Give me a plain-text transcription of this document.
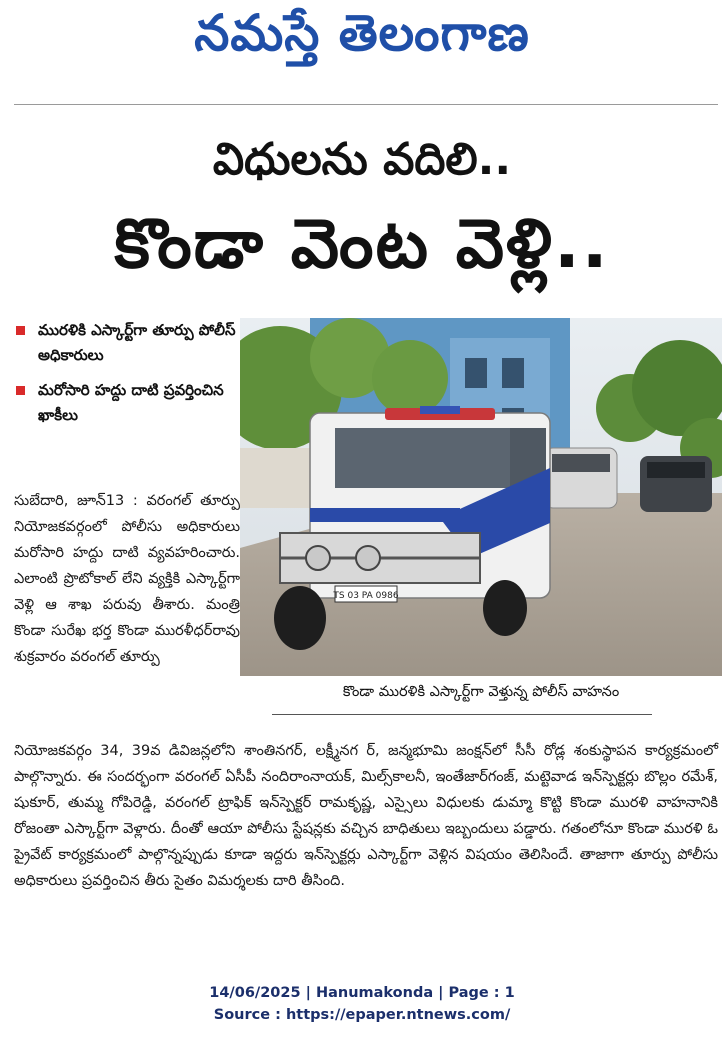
నమస్తే తెలంగాణ
విధులను వదిలి..
కొండా వెంట వెళ్లి..
మురళికి ఎస్కార్ట్‌గా తూర్పు పోలీస్ అధికారులు
మరోసారి హద్దు దాటి ప్రవర్తించిన ఖాకీలు
సుబేదారి, జూన్13 : వరంగల్ తూర్పు నియోజకవర్గంలో పోలీసు అధికారులు మరోసారి హద్దు దాటి వ్యవహరించారు. ఎలాంటి ప్రొటోకాల్ లేని వ్యక్తికి ఎస్కార్ట్‌గా వెళ్లి ఆ శాఖ పరువు తీశారు. మంత్రి కొండా సురేఖ భర్త కొండా మురళీధర్‌రావు శుక్రవారం వరంగల్ తూర్పు
TS 03 PA 0986
కొండా మురళికి ఎస్కార్ట్‌గా వెళ్తున్న పోలీస్ వాహనం
నియోజకవర్గం 34, 39వ డివిజన్లలోని శాంతినగర్, లక్ష్మీనగ ర్, జన్మభూమి జంక్షన్‌లో సీసీ రోడ్ల శంకుస్థాపన కార్యక్రమంలో పాల్గొన్నారు. ఈ సందర్భంగా వరంగల్ ఏసీపీ నందిరాంనాయక్, మిల్స్‌కాలనీ, ఇంతేజార్‌గంజ్, మట్టెవాడ ఇన్‌స్పెక్టర్లు బొల్లం రమేశ్, షుకూర్, తుమ్మ గోపిరెడ్డి, వరంగల్ ట్రాఫిక్ ఇన్‌స్పెక్టర్ రామకృష్ణ, ఎస్సైలు విధులకు డుమ్మా కొట్టి కొండా మురళి వాహనానికి రోజంతా ఎస్కార్ట్‌గా వెళ్లారు. దీంతో ఆయా పోలీసు స్టేషన్లకు వచ్చిన బాధితులు ఇబ్బందులు పడ్డారు. గతంలోనూ కొండా మురళి ఓ ప్రైవేట్ కార్యక్రమంలో పాల్గొన్నప్పుడు కూడా ఇద్దరు ఇన్‌స్పెక్టర్లు ఎస్కార్ట్‌గా వెళ్లిన విషయం తెలిసిందే. తాజాగా తూర్పు పోలీసు అధికారులు ప్రవర్తించిన తీరు సైతం విమర్శలకు దారి తీసింది.
14/06/2025 | Hanumakonda | Page : 1
Source : https://epaper.ntnews.com/
